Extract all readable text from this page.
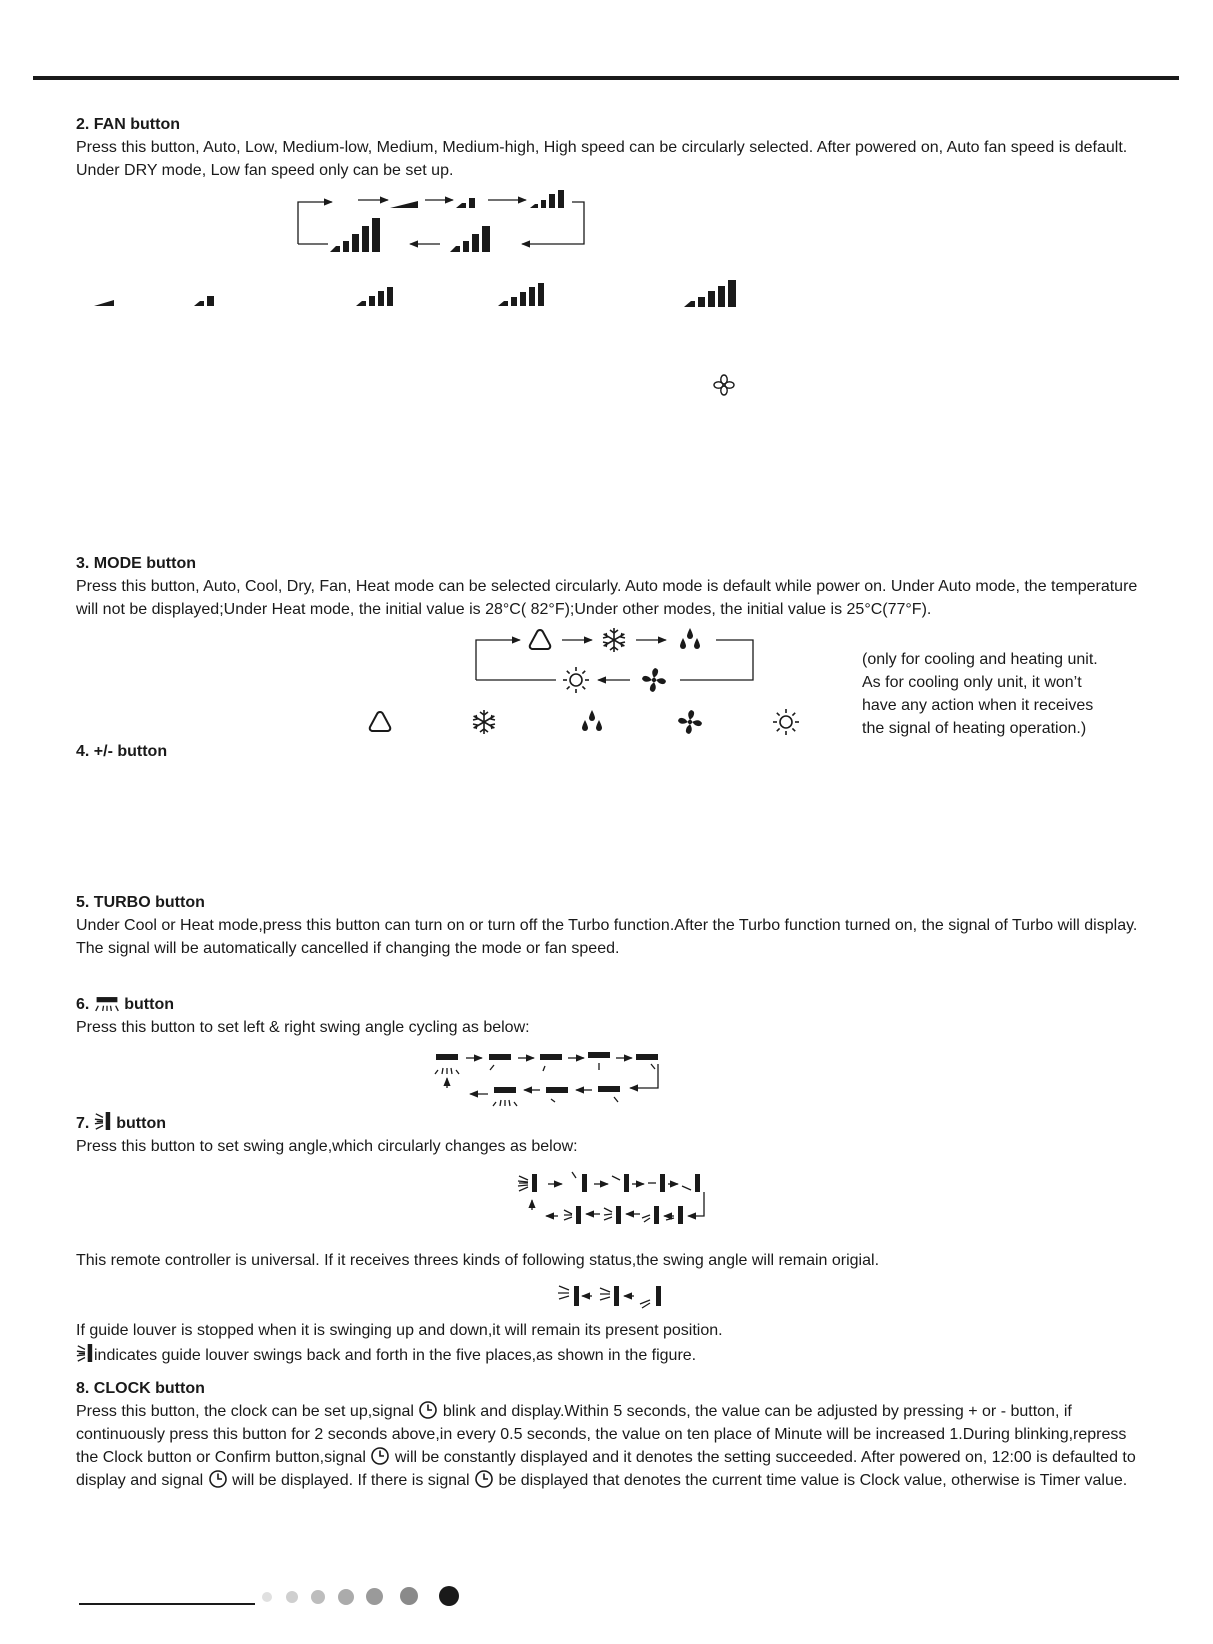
2. FAN button

Press this button, Auto, Low, Medium-low, Medium, Medium-high, High speed can be circularly selected. After powered on, Auto fan speed is default. Under DRY mode, Low fan speed only can be set up.

3. MODE button

Press this button, Auto, Cool, Dry, Fan, Heat mode can be selected circularly. Auto mode is default while power on. Under Auto mode, the temperature will not be displayed;Under Heat mode, the initial value is 28°C( 82°F);Under other modes, the initial value is 25°C(77°F).

(only for cooling and heating unit.
As for cooling only unit, it won’t
have any action when it receives
the signal of heating operation.)

4. +/- button

5. TURBO button

Under Cool or Heat mode,press this button can turn on or turn off the Turbo function.After the Turbo function turned on, the signal of Turbo will display. The signal will be automatically cancelled if changing the mode or fan speed.

6. button

Press this button to set left & right swing angle cycling as below:

7. button

Press this button to set swing angle,which circularly changes as below:

This remote controller is universal. If it receives threes kinds of following status,the swing angle will remain origial.

If guide louver is stopped when it is swinging up and down,it will remain its present position.

indicates guide louver swings back and forth in the five places,as shown in the figure.

8. CLOCK button

Press this button, the clock can be set up,signal blink and display.Within 5 seconds, the value can be adjusted by pressing + or - button, if continuously press this button for 2 seconds above,in every 0.5 seconds, the value on ten place of Minute will be increased 1.During blinking,repress the Clock button or Confirm button,signal will be constantly displayed and it denotes the setting succeeded. After powered on, 12:00 is defaulted to display and signal will be displayed. If there is signal be displayed that denotes the current time value is Clock value, otherwise is Timer value.
